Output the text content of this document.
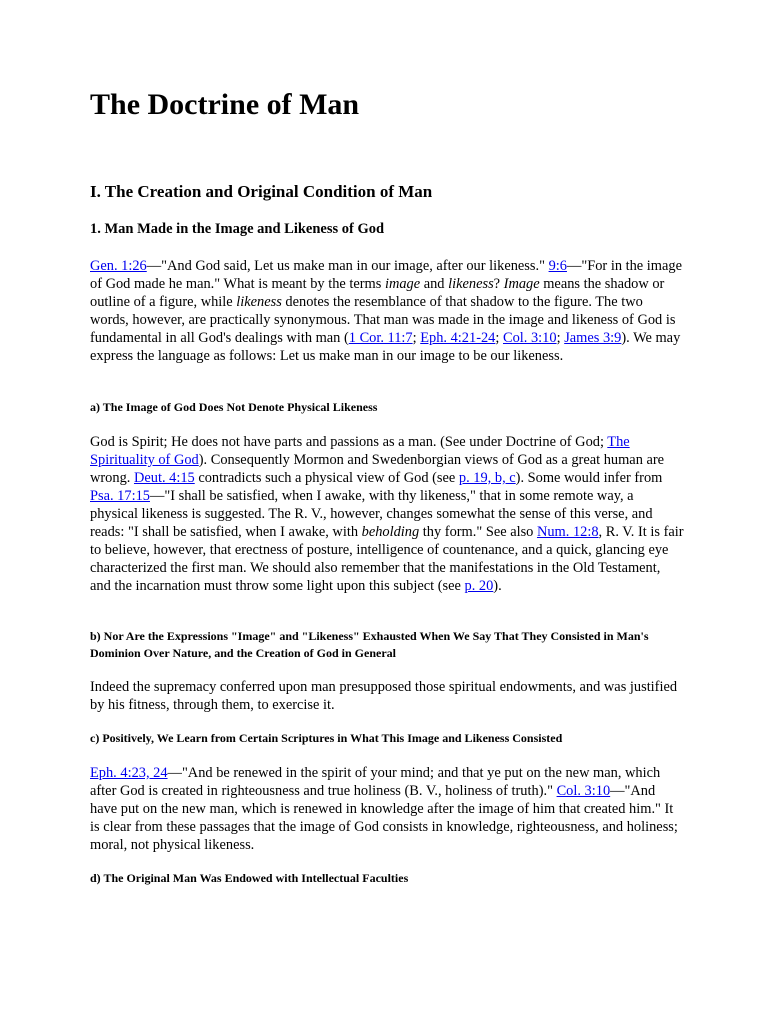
The Doctrine of Man
I. The Creation and Original Condition of Man
1. Man Made in the Image and Likeness of God

Gen. 1:26—"And God said, Let us make man in our image, after our likeness." 9:6—"For in the image of God made he man." What is meant by the terms image and likeness? Image means the shadow or outline of a figure, while likeness denotes the resemblance of that shadow to the figure. The two words, however, are practically synonymous. That man was made in the image and likeness of God is fundamental in all God's dealings with man (1 Cor. 11:7; Eph. 4:21-24; Col. 3:10; James 3:9). We may express the language as follows: Let us make man in our image to be our likeness.

a) The Image of God Does Not Denote Physical Likeness

God is Spirit; He does not have parts and passions as a man. (See under Doctrine of God; The Spirituality of God). Consequently Mormon and Swedenborgian views of God as a great human are wrong. Deut. 4:15 contradicts such a physical view of God (see p. 19, b, c). Some would infer from Psa. 17:15—"I shall be satisfied, when I awake, with thy likeness," that in some remote way, a physical likeness is suggested. The R. V., however, changes somewhat the sense of this verse, and reads: "I shall be satisfied, when I awake, with beholding thy form." See also Num. 12:8, R. V. It is fair to believe, however, that erectness of posture, intelligence of countenance, and a quick, glancing eye characterized the first man. We should also remember that the manifestations in the Old Testament, and the incarnation must throw some light upon this subject (see p. 20).

b) Nor Are the Expressions "Image" and "Likeness" Exhausted When We Say That They Consisted in Man's Dominion Over Nature, and the Creation of God in General

Indeed the supremacy conferred upon man presupposed those spiritual endowments, and was justified by his fitness, through them, to exercise it.

c) Positively, We Learn from Certain Scriptures in What This Image and Likeness Consisted

Eph. 4:23, 24—"And be renewed in the spirit of your mind; and that ye put on the new man, which after God is created in righteousness and true holiness (B. V., holiness of truth)." Col. 3:10—"And have put on the new man, which is renewed in knowledge after the image of him that created him." It is clear from these passages that the image of God consists in knowledge, righteousness, and holiness; moral, not physical likeness.

d) The Original Man Was Endowed with Intellectual Faculties
